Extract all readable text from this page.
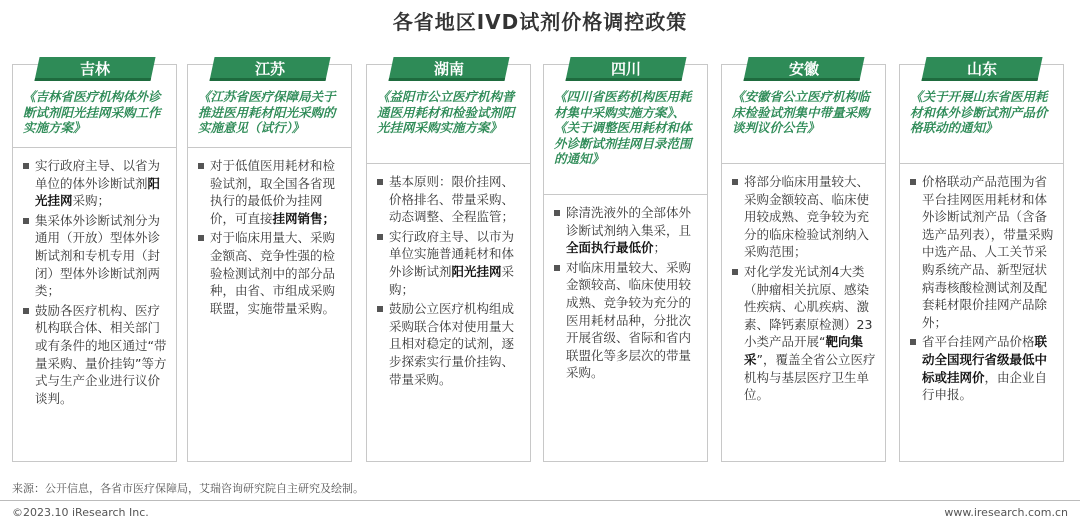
各省地区IVD试剂价格调控政策
吉林
《吉林省医疗机构体外诊断试剂阳光挂网采购工作实施方案》
实行政府主导、以省为单位的体外诊断试剂阳光挂网采购；
集采体外诊断试剂分为通用（开放）型体外诊断试剂和专机专用（封闭）型体外诊断试剂两类；
鼓励各医疗机构、医疗机构联合体、相关部门或有条件的地区通过“带量采购、量价挂钩”等方式与生产企业进行议价谈判。
江苏
《江苏省医疗保障局关于推进医用耗材阳光采购的实施意见（试行）》
对于低值医用耗材和检验试剂，取全国各省现执行的最低价为挂网价，可直接挂网销售；
对于临床用量大、采购金额高、竞争性强的检验检测试剂中的部分品种，由省、市组成采购联盟，实施带量采购。
湖南
《益阳市公立医疗机构普通医用耗材和检验试剂阳光挂网采购实施方案》
基本原则：限价挂网、价格排名、带量采购、动态调整、全程监管；
实行政府主导、以市为单位实施普通耗材和体外诊断试剂阳光挂网采购；
鼓励公立医疗机构组成采购联合体对使用量大且相对稳定的试剂，逐步探索实行量价挂钩、带量采购。
四川
《四川省医药机构医用耗材集中采购实施方案》、《关于调整医用耗材和体外诊断试剂挂网目录范围的通知》
除清洗液外的全部体外诊断试剂纳入集采，且全面执行最低价；
对临床用量较大、采购金额较高、临床使用较成熟、竞争较为充分的医用耗材品种，分批次开展省级、省际和省内联盟化等多层次的带量采购。
安徽
《安徽省公立医疗机构临床检验试剂集中带量采购谈判议价公告》
将部分临床用量较大、采购金额较高、临床使用较成熟、竞争较为充分的临床检验试剂纳入采购范围；
对化学发光试剂4大类（肿瘤相关抗原、感染性疾病、心肌疾病、激素、降钙素原检测）23小类产品开展“靶向集采”，覆盖全省公立医疗机构与基层医疗卫生单位。
山东
《关于开展山东省医用耗材和体外诊断试剂产品价格联动的通知》
价格联动产品范围为省平台挂网医用耗材和体外诊断试剂产品（含备选产品列表），带量采购中选产品、人工关节采购系统产品、新型冠状病毒核酸检测试剂及配套耗材限价挂网产品除外；
省平台挂网产品价格联动全国现行省级最低中标或挂网价，由企业自行申报。
来源：公开信息，各省市医疗保障局，艾瑞咨询研究院自主研究及绘制。
©2023.10 iResearch Inc.	www.iresearch.com.cn
